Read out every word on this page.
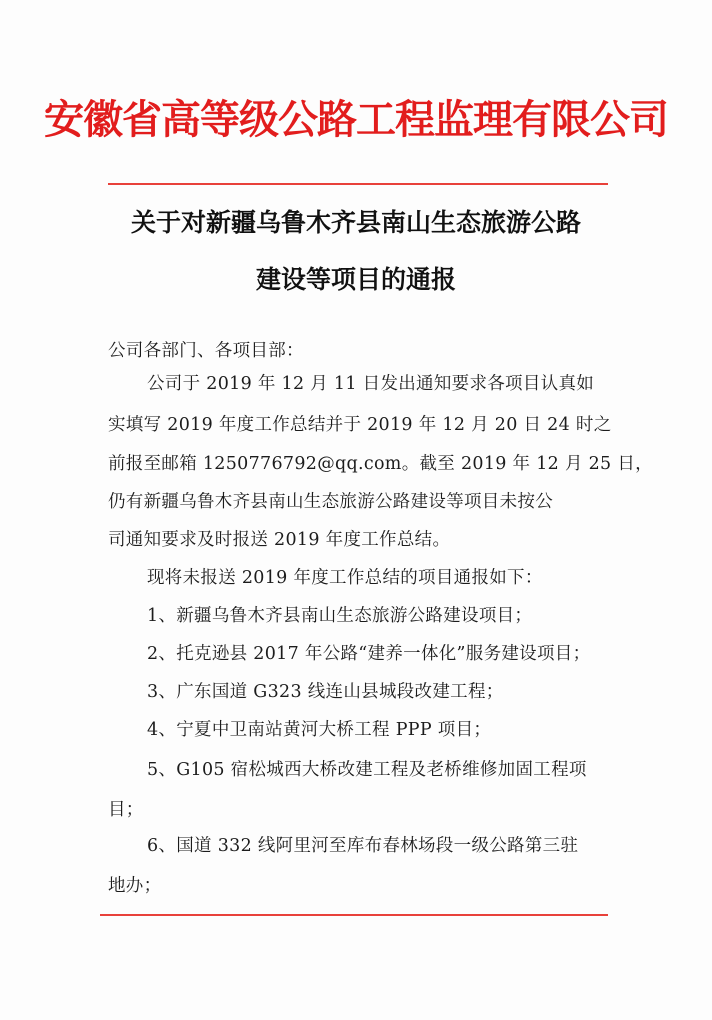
安徽省高等级公路工程监理有限公司
关于对新疆乌鲁木齐县南山生态旅游公路
建设等项目的通报
公司各部门、各项目部：
公司于 2019 年 12 月 11 日发出通知要求各项目认真如
实填写 2019 年度工作总结并于 2019 年 12 月 20 日 24 时之
前报至邮箱 1250776792@qq.com。截至 2019 年 12 月 25 日，
仍有新疆乌鲁木齐县南山生态旅游公路建设等项目未按公
司通知要求及时报送 2019 年度工作总结。
现将未报送 2019 年度工作总结的项目通报如下：
1、新疆乌鲁木齐县南山生态旅游公路建设项目；
2、托克逊县 2017 年公路“建养一体化”服务建设项目；
3、广东国道 G323 线连山县城段改建工程；
4、宁夏中卫南站黄河大桥工程 PPP 项目；
5、G105 宿松城西大桥改建工程及老桥维修加固工程项
目；
6、国道 332 线阿里河至库布春林场段一级公路第三驻
地办；
